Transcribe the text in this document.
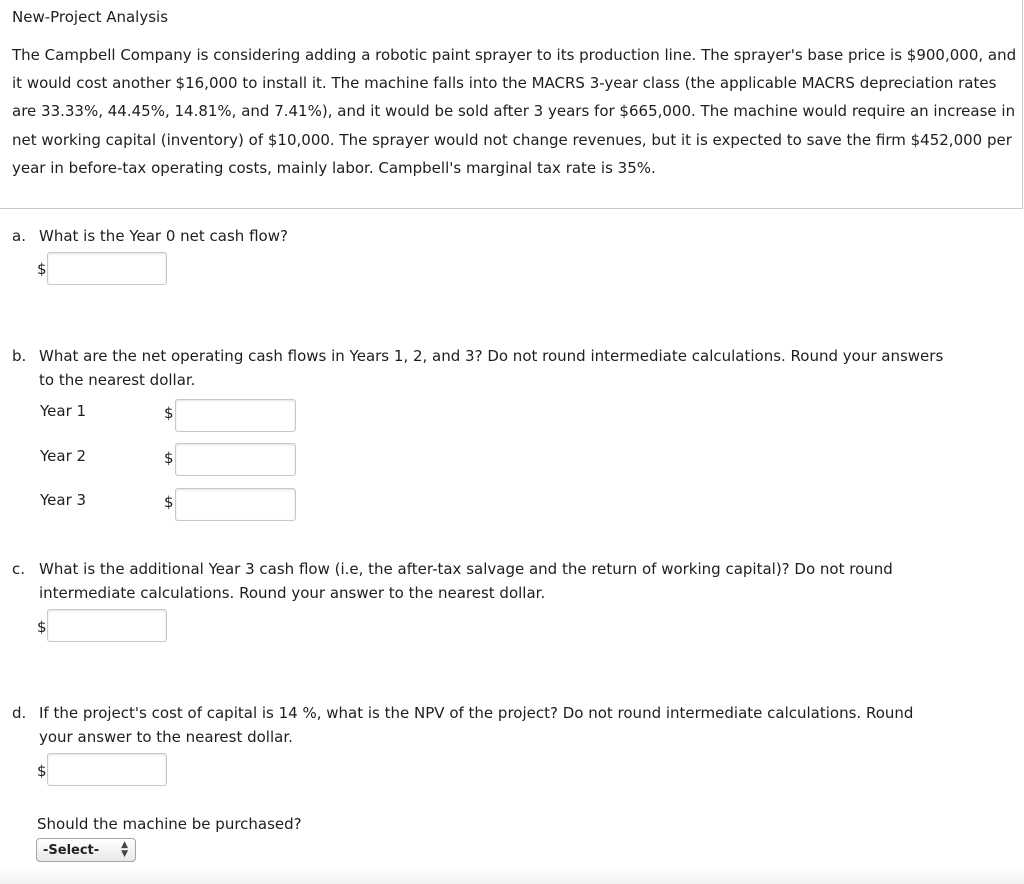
New-Project Analysis

The Campbell Company is considering adding a robotic paint sprayer to its production line. The sprayer's base price is $900,000, and it would cost another $16,000 to install it. The machine falls into the MACRS 3-year class (the applicable MACRS depreciation rates are 33.33%, 44.45%, 14.81%, and 7.41%), and it would be sold after 3 years for $665,000. The machine would require an increase in net working capital (inventory) of $10,000. The sprayer would not change revenues, but it is expected to save the firm $452,000 per year in before-tax operating costs, mainly labor. Campbell's marginal tax rate is 35%.

a. What is the Year 0 net cash flow?
$
b. What are the net operating cash flows in Years 1, 2, and 3? Do not round intermediate calculations. Round your answers
to the nearest dollar.
Year 1	$
Year 2	$
Year 3	$
c. What is the additional Year 3 cash flow (i.e, the after-tax salvage and the return of working capital)? Do not round
intermediate calculations. Round your answer to the nearest dollar.
$
d. If the project's cost of capital is 14 %, what is the NPV of the project? Do not round intermediate calculations. Round
your answer to the nearest dollar.
$
Should the machine be purchased?
-Select- ▲
▼
